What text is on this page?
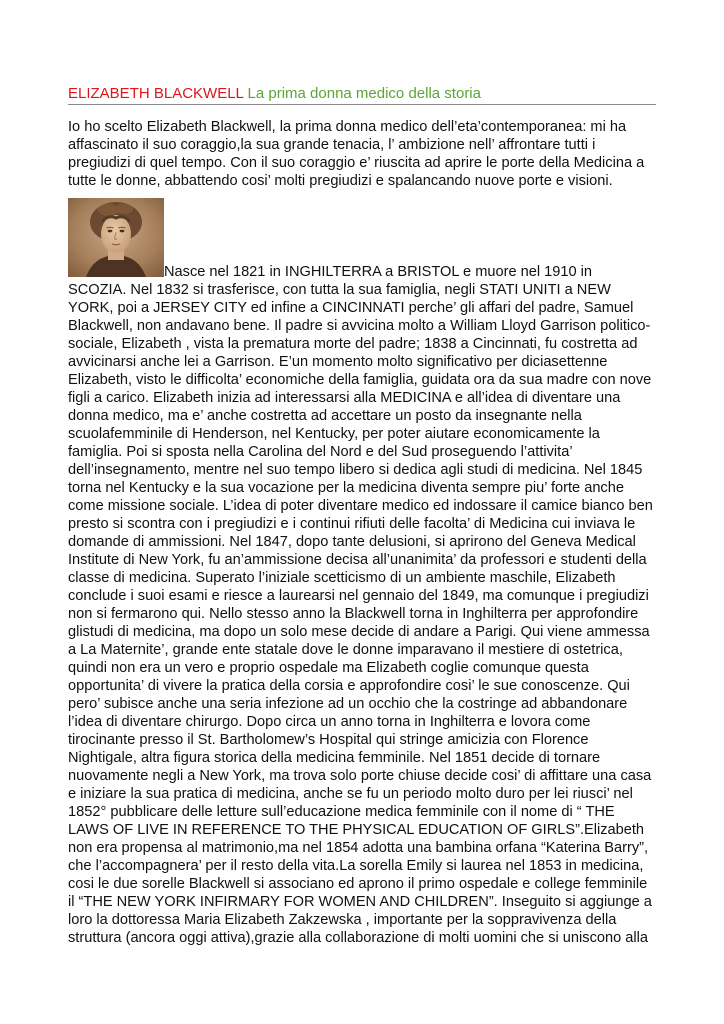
ELIZABETH BLACKWELL La prima donna medico della storia
Io ho scelto Elizabeth Blackwell, la prima donna medico dell’eta’contemporanea: mi ha
affascinato il suo coraggio,la sua grande tenacia, l’ ambizione nell’ affrontare tutti i
pregiudizi di quel tempo. Con il suo coraggio e’ riuscita ad aprire le porte della Medicina a
tutte le donne, abbattendo cosi’ molti pregiudizi e spalancando nuove porte e visioni.
Nasce nel 1821 in INGHILTERRA a BRISTOL e muore nel 1910 in
SCOZIA. Nel 1832 si trasferisce, con tutta la sua famiglia, negli STATI UNITI a NEW
YORK, poi a JERSEY CITY ed infine a CINCINNATI perche’ gli affari del padre, Samuel
Blackwell, non andavano bene. Il padre si avvicina molto a William Lloyd Garrison politico-
sociale, Elizabeth , vista la prematura morte del padre; 1838 a Cincinnati, fu costretta ad
avvicinarsi anche lei a Garrison. E’un momento molto significativo per diciasettenne
Elizabeth, visto le difficolta’ economiche della famiglia, guidata ora da sua madre con nove
figli a carico. Elizabeth inizia ad interessarsi alla MEDICINA e all’idea di diventare una
donna medico, ma e’ anche costretta ad accettare un posto da insegnante nella
scuolafemminile di Henderson, nel Kentucky, per poter aiutare economicamente la
famiglia. Poi si sposta nella Carolina del Nord e del Sud proseguendo l’attivita’
dell’insegnamento, mentre nel suo tempo libero si dedica agli studi di medicina. Nel 1845
torna nel Kentucky e la sua vocazione per la medicina diventa sempre piu’ forte anche
come missione sociale. L’idea di poter diventare medico ed indossare il camice bianco ben
presto si scontra con i pregiudizi e i continui rifiuti delle facolta’ di Medicina cui inviava le
domande di ammissioni. Nel 1847, dopo tante delusioni, si aprirono del Geneva Medical
Institute di New York, fu an’ammissione decisa all’unanimita’ da professori e studenti della
classe di medicina. Superato l’iniziale scetticismo di un ambiente maschile, Elizabeth
conclude i suoi esami e riesce a laurearsi nel gennaio del 1849, ma comunque i pregiudizi
non si fermarono qui. Nello stesso anno la Blackwell torna in Inghilterra per approfondire
glistudi di medicina, ma dopo un solo mese decide di andare a Parigi. Qui viene ammessa
a La Maternite’, grande ente statale dove le donne imparavano il mestiere di ostetrica,
quindi non era un vero e proprio ospedale ma Elizabeth coglie comunque questa
opportunita’ di vivere la pratica della corsia e approfondire cosi’ le sue conoscenze. Qui
pero’ subisce anche una seria infezione ad un occhio che la costringe ad abbandonare
l’idea di diventare chirurgo. Dopo circa un anno torna in Inghilterra e lovora come
tirocinante presso il St. Bartholomew’s Hospital qui stringe amicizia con Florence
Nightigale, altra figura storica della medicina femminile. Nel 1851 decide di tornare
nuovamente negli a New York, ma trova solo porte chiuse decide cosi’ di affittare una casa
e iniziare la sua pratica di medicina, anche se fu un periodo molto duro per lei riusci’ nel
1852° pubblicare delle letture sull’educazione medica femminile con il nome di “ THE
LAWS OF LIVE IN REFERENCE TO THE PHYSICAL EDUCATION OF GIRLS”.Elizabeth
non era propensa al matrimonio,ma nel 1854 adotta una bambina orfana “Katerina Barry”,
che l’accompagnera’ per il resto della vita.La sorella Emily si laurea nel 1853 in medicina,
cosi le due sorelle Blackwell si associano ed aprono il primo ospedale e college femminile
il “THE NEW YORK INFIRMARY FOR WOMEN AND CHILDREN”. Inseguito si aggiunge a
loro la dottoressa Maria Elizabeth Zakzewska , importante per la soppravivenza della
struttura (ancora oggi attiva),grazie alla collaborazione di molti uomini che si uniscono alla
